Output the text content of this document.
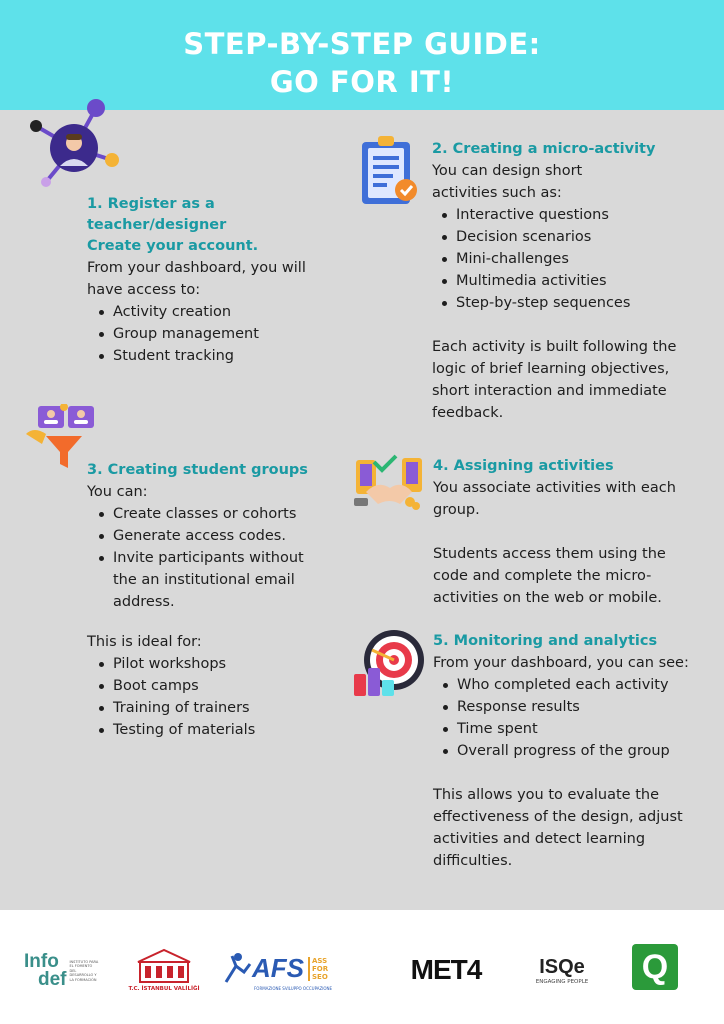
STEP-BY-STEP GUIDE:
GO FOR IT!
1. Register as a
teacher/designer
Create your account.

From your dashboard, you will have access to:

Activity creation
Group management
Student tracking
2. Creating a micro-activity

You can design short activities such as:

Interactive questions
Decision scenarios
Mini-challenges
Multimedia activities
Step-by-step sequences

Each activity is built following the logic of brief learning objectives, short interaction and immediate feedback.

3. Creating student groups

You can:

Create classes or cohorts
Generate access codes.
Invite participants without the an institutional email address.

This is ideal for:

Pilot workshops
Boot camps
Training of trainers
Testing of materials
4. Assigning activities

You associate activities with each group.

Students access them using the code and complete the micro-activities on the web or mobile.

5. Monitoring and analytics

From your dashboard, you can see:

Who completed each activity
Response results
Time spent
Overall progress of the group

This allows you to evaluate the effectiveness of the design, adjust activities and detect learning difficulties.

Info
def
INSTITUTO PARA EL FOMENTO DEL DESARROLLO Y LA FORMACIÓN
T.C. İSTANBUL VALİLİĞİ
AFS	ASS FOR SEO
FORMAZIONE SVILUPPO OCCUPAZIONE
MET4	ISQe
ENGAGING PEOPLE Q
